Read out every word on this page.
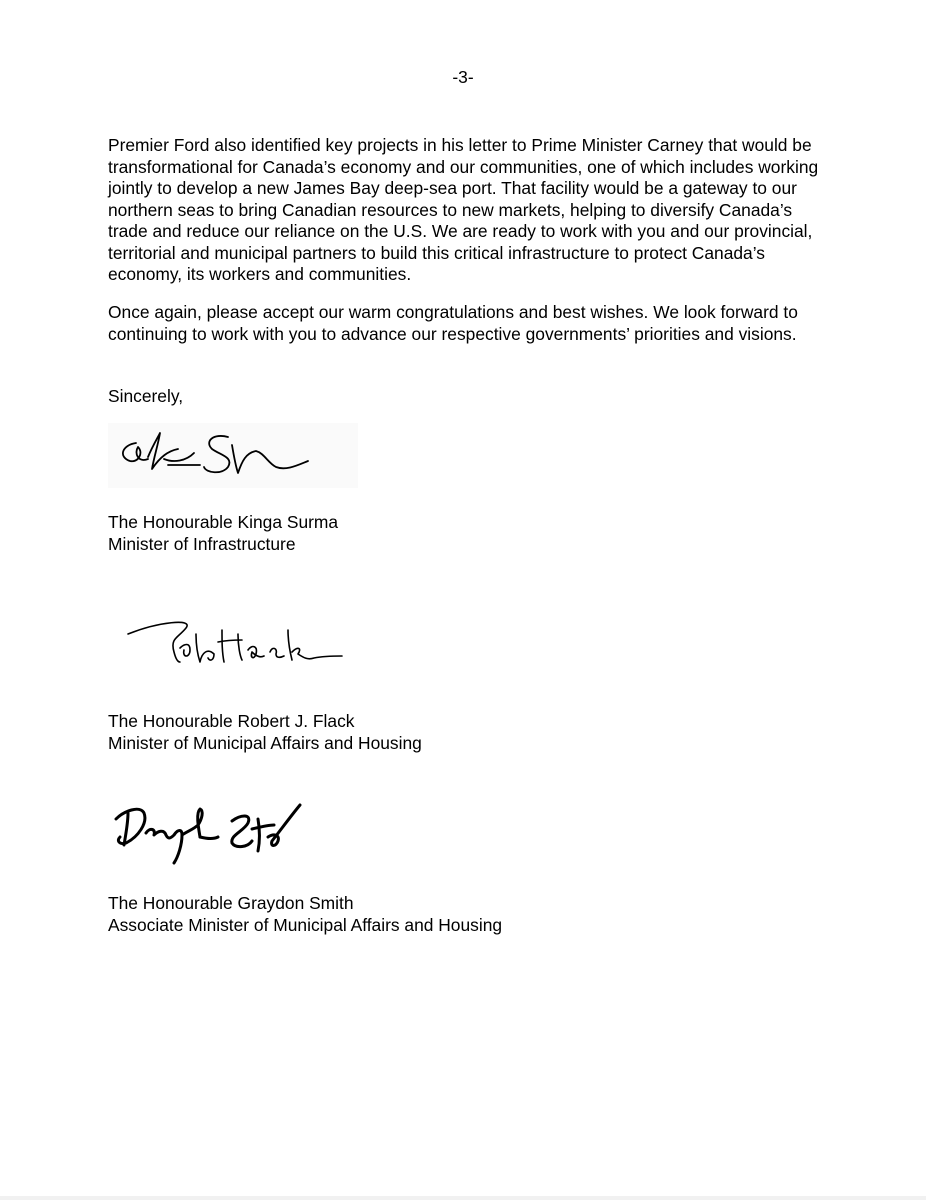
-3-

Premier Ford also identified key projects in his letter to Prime Minister Carney that would be transformational for Canada’s economy and our communities, one of which includes working jointly to develop a new James Bay deep-sea port. That facility would be a gateway to our northern seas to bring Canadian resources to new markets, helping to diversify Canada’s trade and reduce our reliance on the U.S. We are ready to work with you and our provincial, territorial and municipal partners to build this critical infrastructure to protect Canada’s economy, its workers and communities.

Once again, please accept our warm congratulations and best wishes. We look forward to continuing to work with you to advance our respective governments’ priorities and visions.

Sincerely,
The Honourable Kinga Surma
Minister of Infrastructure
The Honourable Robert J. Flack
Minister of Municipal Affairs and Housing
The Honourable Graydon Smith
Associate Minister of Municipal Affairs and Housing
